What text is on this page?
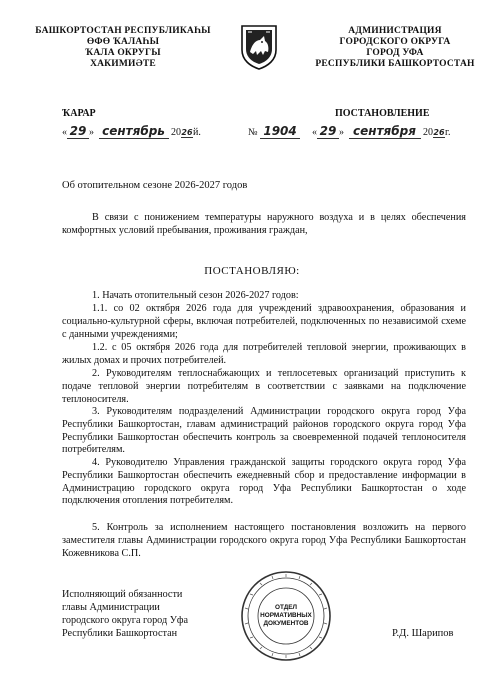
БАШКОРТОСТАН РЕСПУБЛИКАҺЫ
ӨФӨ ҠАЛАҺЫ
ҠАЛА ОКРУГЫ
ХАКИМИӘТЕ
АДМИНИСТРАЦИЯ
ГОРОДСКОГО ОКРУГА
ГОРОД УФА
РЕСПУБЛИКИ БАШКОРТОСТАН
ҠАРАР	ПОСТАНОВЛЕНИЕ
« 29 » сентябрь 2026й.	№ 1904	« 29 » сентября 2026г.
Об отопительном сезоне 2026-2027 годов
В связи с понижением температуры наружного воздуха и в целях обеспечения комфортных условий пребывания, проживания граждан,
ПОСТАНОВЛЯЮ:
1. Начать отопительный сезон 2026-2027 годов:
1.1. со 02 октября 2026 года для учреждений здравоохранения, образования и социально-культурной сферы, включая потребителей, подключенных по независимой схеме с данными учреждениями;
1.2. с 05 октября 2026 года для потребителей тепловой энергии, проживающих в жилых домах и прочих потребителей.
2. Руководителям теплоснабжающих и теплосетевых организаций приступить к подаче тепловой энергии потребителям в соответствии с заявками на подключение теплоносителя.
3. Руководителям подразделений Администрации городского округа город Уфа Республики Башкортостан, главам администраций районов городского округа город Уфа Республики Башкортостан обеспечить контроль за своевременной подачей теплоносителя потребителям.
4. Руководителю Управления гражданской защиты городского округа город Уфа Республики Башкортостан обеспечить ежедневный сбор и предоставление информации в Администрацию городского округа город Уфа Республики Башкортостан о ходе подключения отопления потребителям.
5. Контроль за исполнением настоящего постановления возложить на первого заместителя главы Администрации городского округа город Уфа Республики Башкортостан Кожевникова С.П.
Исполняющий обязанности
главы Администрации
городского округа город Уфа
Республики Башкортостан
ОТДЕЛ
НОРМАТИВНЫХ
ДОКУМЕНТОВ
Р.Д. Шарипов
